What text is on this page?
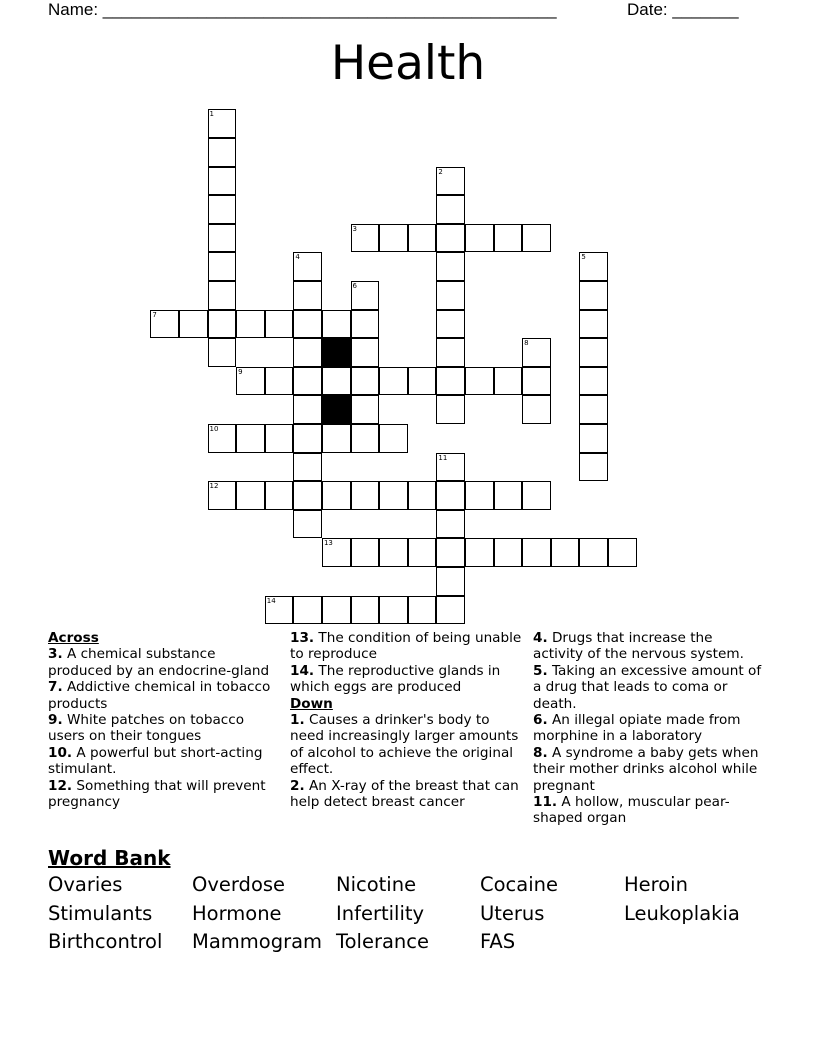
Name: ________________________________________________	Date: _______
Health
1
2
3
4	5
6
7
8
9
10
11
12
13
14
Across
3. A chemical substance produced by an endocrine-gland
7. Addictive chemical in tobacco products
9. White patches on tobacco users on their tongues
10. A powerful but short-acting stimulant.
12. Something that will prevent pregnancy
13. The condition of being unable to reproduce
14. The reproductive glands in which eggs are produced
Down
1. Causes a drinker's body to need increasingly larger amounts of alcohol to achieve the original effect.
2. An X-ray of the breast that can help detect breast cancer
4. Drugs that increase the activity of the nervous system.
5. Taking an excessive amount of a drug that leads to coma or death.
6. An illegal opiate made from morphine in a laboratory
8. A syndrome a baby gets when their mother drinks alcohol while pregnant
11. A hollow, muscular pear-shaped organ
Word Bank
Ovaries	Overdose	Nicotine	Cocaine	Heroin
Stimulants Hormone	Infertility	Uterus	Leukoplakia
Birthcontrol Mammogram Tolerance	FAS
